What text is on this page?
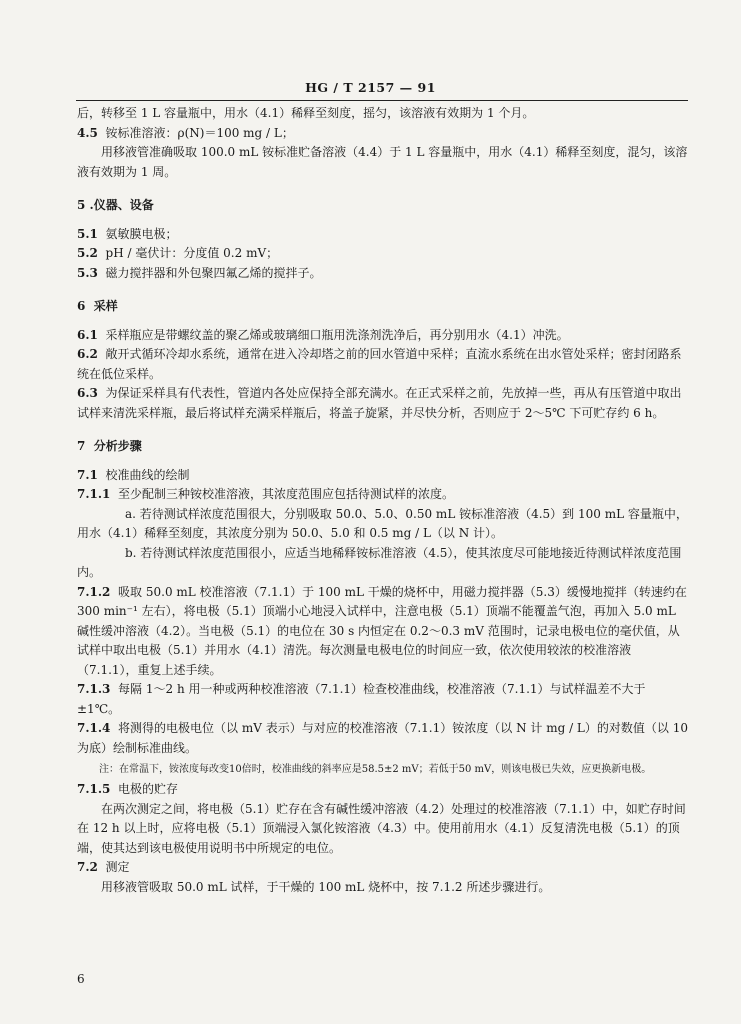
HG / T 2157 — 91

后，转移至 1 L 容量瓶中，用水（4.1）稀释至刻度，摇匀，该溶液有效期为 1 个月。

4.5 铵标准溶液：ρ(N)＝100 mg / L；

用移液管准确吸取 100.0 mL 铵标准贮备溶液（4.4）于 1 L 容量瓶中，用水（4.1）稀释至刻度，混匀，该溶液有效期为 1 周。

5 .仪器、设备

5.1 氨敏膜电极；

5.2 pH / 毫伏计：分度值 0.2 mV；

5.3 磁力搅拌器和外包聚四氟乙烯的搅拌子。

6  采样

6.1 采样瓶应是带螺纹盖的聚乙烯或玻璃细口瓶用洗涤剂洗净后，再分别用水（4.1）冲洗。

6.2 敞开式循环冷却水系统，通常在进入冷却塔之前的回水管道中采样；直流水系统在出水管处采样；密封闭路系统在低位采样。

6.3 为保证采样具有代表性，管道内各处应保持全部充满水。在正式采样之前，先放掉一些，再从有压管道中取出试样来清洗采样瓶，最后将试样充满采样瓶后，将盖子旋紧，并尽快分析，否则应于 2～5℃ 下可贮存约 6 h。

7  分析步骤

7.1 校准曲线的绘制

7.1.1 至少配制三种铵校准溶液，其浓度范围应包括待测试样的浓度。

a. 若待测试样浓度范围很大，分别吸取 50.0、5.0、0.50 mL 铵标准溶液（4.5）到 100 mL 容量瓶中，用水（4.1）稀释至刻度，其浓度分别为 50.0、5.0 和 0.5 mg / L（以 N 计）。

b. 若待测试样浓度范围很小，应适当地稀释铵标准溶液（4.5），使其浓度尽可能地接近待测试样浓度范围内。

7.1.2 吸取 50.0 mL 校准溶液（7.1.1）于 100 mL 干燥的烧杯中，用磁力搅拌器（5.3）缓慢地搅拌（转速约在 300 min⁻¹ 左右），将电极（5.1）顶端小心地浸入试样中，注意电极（5.1）顶端不能覆盖气泡，再加入 5.0 mL 碱性缓冲溶液（4.2）。当电极（5.1）的电位在 30 s 内恒定在 0.2～0.3 mV 范围时，记录电极电位的毫伏值，从试样中取出电极（5.1）并用水（4.1）清洗。每次测量电极电位的时间应一致，依次使用较浓的校准溶液（7.1.1），重复上述手续。

7.1.3 每隔 1～2 h 用一种或两种校准溶液（7.1.1）检查校准曲线，校准溶液（7.1.1）与试样温差不大于 ±1℃。

7.1.4 将测得的电极电位（以 mV 表示）与对应的校准溶液（7.1.1）铵浓度（以 N 计 mg / L）的对数值（以 10 为底）绘制标准曲线。

注：在常温下，铵浓度每改变10倍时，校准曲线的斜率应是58.5±2 mV；若低于50 mV，则该电极已失效，应更换新电极。

7.1.5 电极的贮存

在两次测定之间，将电极（5.1）贮存在含有碱性缓冲溶液（4.2）处理过的校准溶液（7.1.1）中，如贮存时间在 12 h 以上时，应将电极（5.1）顶端浸入氯化铵溶液（4.3）中。使用前用水（4.1）反复清洗电极（5.1）的顶端，使其达到该电极使用说明书中所规定的电位。

7.2 测定

用移液管吸取 50.0 mL 试样，于干燥的 100 mL 烧杯中，按 7.1.2 所述步骤进行。

6
